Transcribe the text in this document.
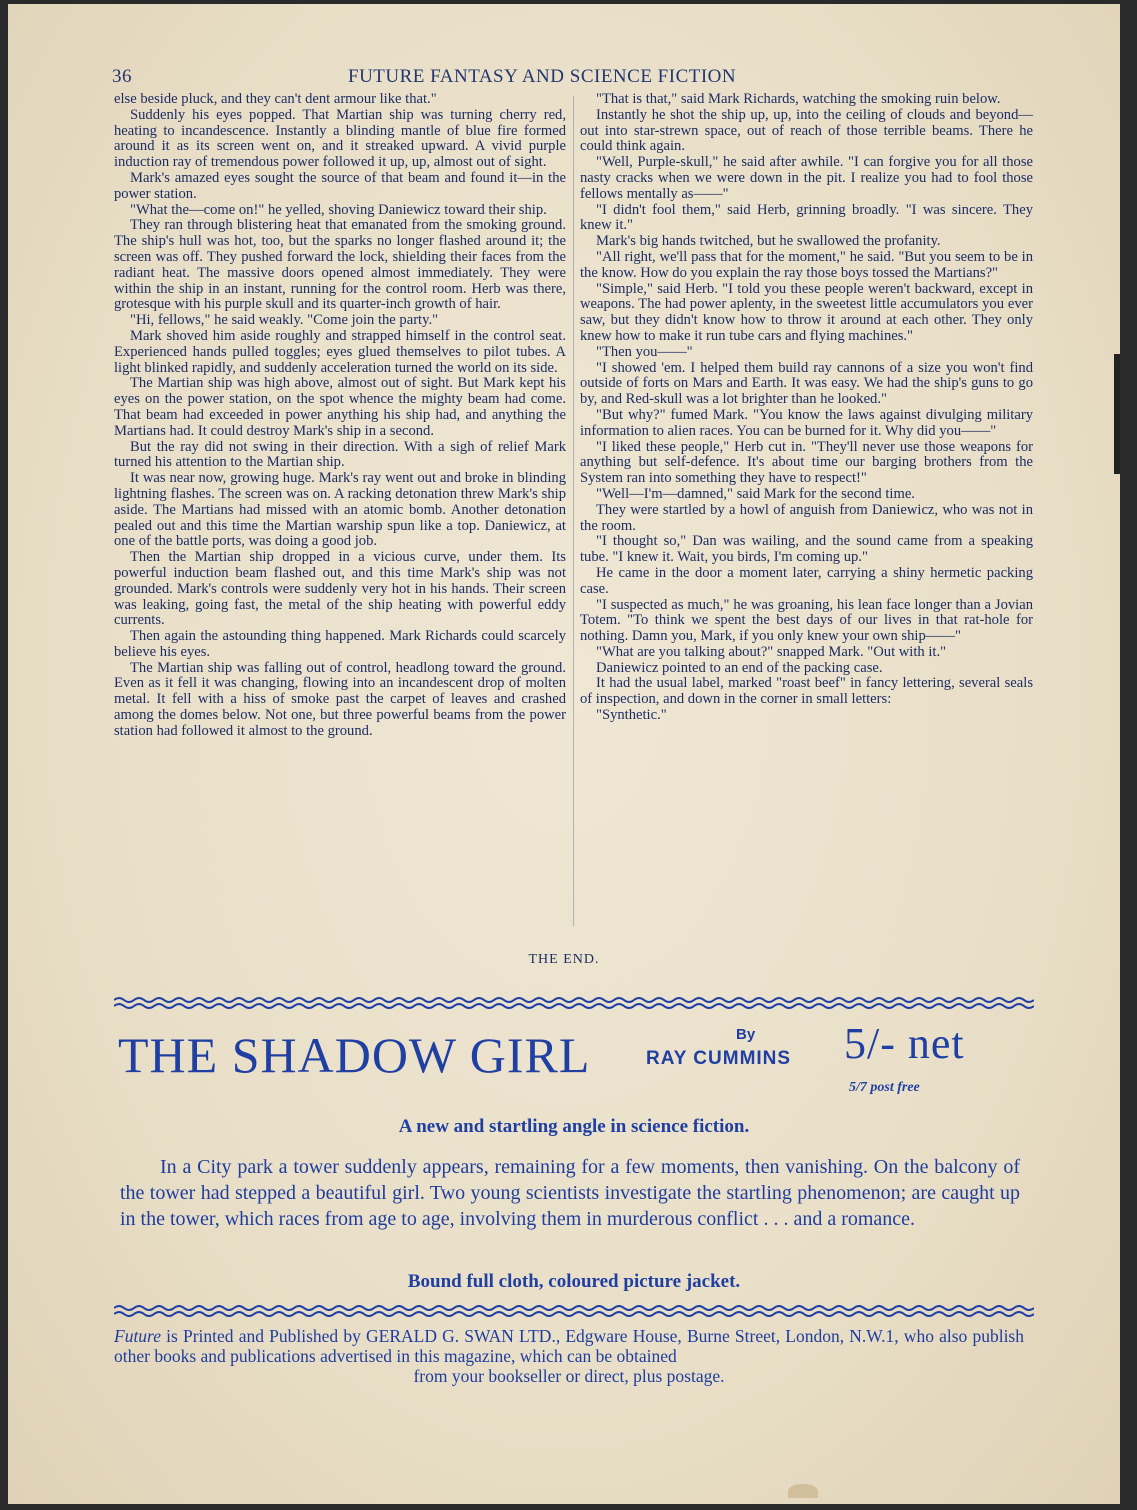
36	FUTURE FANTASY AND SCIENCE FICTION

else beside pluck, and they can't dent armour like that."

Suddenly his eyes popped. That Martian ship was turning cherry red, heating to incandescence. Instantly a blinding mantle of blue fire formed around it as its screen went on, and it streaked upward. A vivid purple induction ray of tremendous power followed it up, up, almost out of sight.

Mark's amazed eyes sought the source of that beam and found it—in the power station.

"What the—come on!" he yelled, shoving Daniewicz toward their ship.

They ran through blistering heat that emanated from the smoking ground. The ship's hull was hot, too, but the sparks no longer flashed around it; the screen was off. They pushed forward the lock, shielding their faces from the radiant heat. The massive doors opened almost immediately. They were within the ship in an instant, running for the control room. Herb was there, grotesque with his purple skull and its quarter-inch growth of hair.

"Hi, fellows," he said weakly. "Come join the party."

Mark shoved him aside roughly and strapped himself in the control seat. Experienced hands pulled toggles; eyes glued themselves to pilot tubes. A light blinked rapidly, and suddenly acceleration turned the world on its side.

The Martian ship was high above, almost out of sight. But Mark kept his eyes on the power station, on the spot whence the mighty beam had come. That beam had exceeded in power anything his ship had, and anything the Martians had. It could destroy Mark's ship in a second.

But the ray did not swing in their direction. With a sigh of relief Mark turned his attention to the Martian ship.

It was near now, growing huge. Mark's ray went out and broke in blinding lightning flashes. The screen was on. A racking detonation threw Mark's ship aside. The Martians had missed with an atomic bomb. Another detonation pealed out and this time the Martian warship spun like a top. Daniewicz, at one of the battle ports, was doing a good job.

Then the Martian ship dropped in a vicious curve, under them. Its powerful induction beam flashed out, and this time Mark's ship was not grounded. Mark's controls were suddenly very hot in his hands. Their screen was leaking, going fast, the metal of the ship heating with powerful eddy currents.

Then again the astounding thing happened. Mark Richards could scarcely believe his eyes.

The Martian ship was falling out of control, headlong toward the ground. Even as it fell it was changing, flowing into an incandescent drop of molten metal. It fell with a hiss of smoke past the carpet of leaves and crashed among the domes below. Not one, but three powerful beams from the power station had followed it almost to the ground.

"That is that," said Mark Richards, watching the smoking ruin below.

Instantly he shot the ship up, up, into the ceiling of clouds and beyond—out into star-strewn space, out of reach of those terrible beams. There he could think again.

"Well, Purple-skull," he said after awhile. "I can forgive you for all those nasty cracks when we were down in the pit. I realize you had to fool those fellows mentally as——"

"I didn't fool them," said Herb, grinning broadly. "I was sincere. They knew it."

Mark's big hands twitched, but he swallowed the profanity.

"All right, we'll pass that for the moment," he said. "But you seem to be in the know. How do you explain the ray those boys tossed the Martians?"

"Simple," said Herb. "I told you these people weren't backward, except in weapons. The had power aplenty, in the sweetest little accumulators you ever saw, but they didn't know how to throw it around at each other. They only knew how to make it run tube cars and flying machines."

"Then you——"

"I showed 'em. I helped them build ray cannons of a size you won't find outside of forts on Mars and Earth. It was easy. We had the ship's guns to go by, and Red-skull was a lot brighter than he looked."

"But why?" fumed Mark. "You know the laws against divulging military information to alien races. You can be burned for it. Why did you——"

"I liked these people," Herb cut in. "They'll never use those weapons for anything but self-defence. It's about time our barging brothers from the System ran into something they have to respect!"

"Well—I'm—damned," said Mark for the second time.

They were startled by a howl of anguish from Daniewicz, who was not in the room.

"I thought so," Dan was wailing, and the sound came from a speaking tube. "I knew it. Wait, you birds, I'm coming up."

He came in the door a moment later, carrying a shiny hermetic packing case.

"I suspected as much," he was groaning, his lean face longer than a Jovian Totem. "To think we spent the best days of our lives in that rat-hole for nothing. Damn you, Mark, if you only knew your own ship——"

"What are you talking about?" snapped Mark. "Out with it."

Daniewicz pointed to an end of the packing case.

It had the usual label, marked "roast beef" in fancy lettering, several seals of inspection, and down in the corner in small letters:

"Synthetic."

THE END.
THE SHADOW GIRL	By
RAY CUMMINS 5/- net
5/7 post free
A new and startling angle in science fiction.
In a City park a tower suddenly appears, remaining for a few moments, then vanishing. On the balcony of the tower had stepped a beautiful girl. Two young scientists investigate the startling phenomenon; are caught up in the tower, which races from age to age, involving them in murderous conflict . . . and a romance.
Bound full cloth, coloured picture jacket.
Future is Printed and Published by GERALD G. SWAN LTD., Edgware House, Burne Street, London, N.W.1, who also publish other books and publications advertised in this magazine, which can be obtained
from your bookseller or direct, plus postage.
